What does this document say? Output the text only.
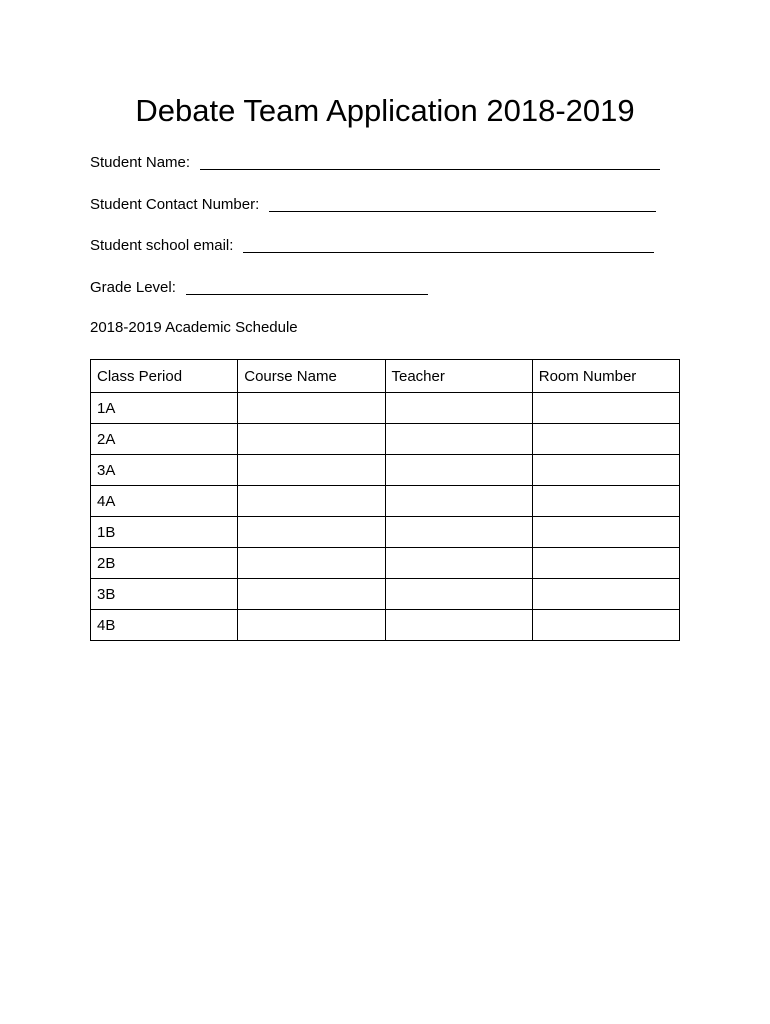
Debate Team Application 2018-2019
Student Name:
Student Contact Number:
Student school email:
Grade Level:
2018-2019 Academic Schedule
Class Period	Course Name	Teacher	Room Number
1A			
2A			
3A			
4A			
1B			
2B			
3B			
4B			
